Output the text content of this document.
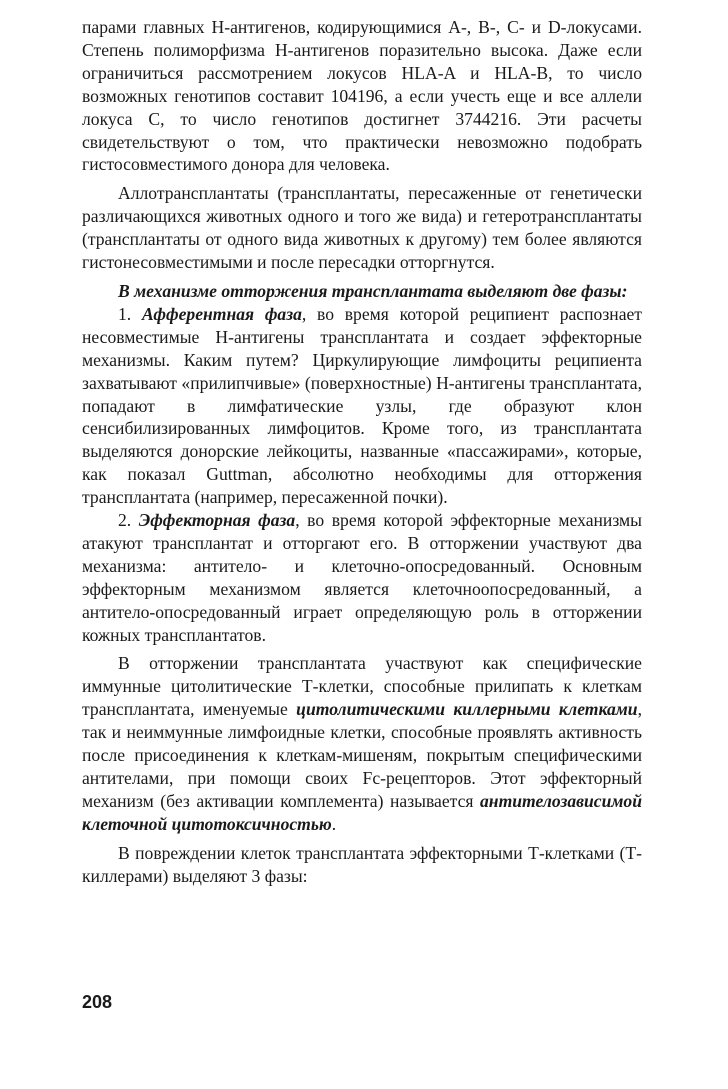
парами главных Н-антигенов, кодирующимися A-, B-, C- и D-локусами. Степень полиморфизма Н-антигенов поразительно высока. Даже если ограничиться рассмотрением локусов HLA-A и HLA-B, то число возможных генотипов составит 104196, а если учесть еще и все аллели локуса C, то число генотипов достигнет 3744216. Эти расчеты свидетельствуют о том, что практически невозможно подобрать гистосовместимого донора для человека.

Аллотрансплантаты (трансплантаты, пересаженные от генетически различающихся животных одного и того же вида) и гетеротрансплантаты (трансплантаты от одного вида животных к другому) тем более являются гистонесовместимыми и после пересадки отторгнутся.

В механизме отторжения трансплантата выделяют две фазы:

1. Афферентная фаза, во время которой реципиент распознает несовместимые Н-антигены трансплантата и создает эффекторные механизмы. Каким путем? Циркулирующие лимфоциты реципиента захватывают «прилипчивые» (поверхностные) Н-антигены трансплантата, попадают в лимфатические узлы, где образуют клон сенсибилизированных лимфоцитов. Кроме того, из трансплантата выделяются донорские лейкоциты, названные «пассажирами», которые, как показал Guttman, абсолютно необходимы для отторжения трансплантата (например, пересаженной почки).

2. Эффекторная фаза, во время которой эффекторные механизмы атакуют трансплантат и отторгают его. В отторжении участвуют два механизма: антитело- и клеточно-опосредованный. Основным эффекторным механизмом является клеточноопосредованный, а антитело-опосредованный играет определяющую роль в отторжении кожных трансплантатов.

В отторжении трансплантата участвуют как специфические иммунные цитолитические Т-клетки, способные прилипать к клеткам трансплантата, именуемые цитолитическими киллерными клетками, так и неиммунные лимфоидные клетки, способные проявлять активность после присоединения к клеткам-мишеням, покрытым специфическими антителами, при помощи своих Fc-рецепторов. Этот эффекторный механизм (без активации комплемента) называется антителозависимой клеточной цитотоксичностью.

В повреждении клеток трансплантата эффекторными Т-клетками (Т-киллерами) выделяют 3 фазы:

208
